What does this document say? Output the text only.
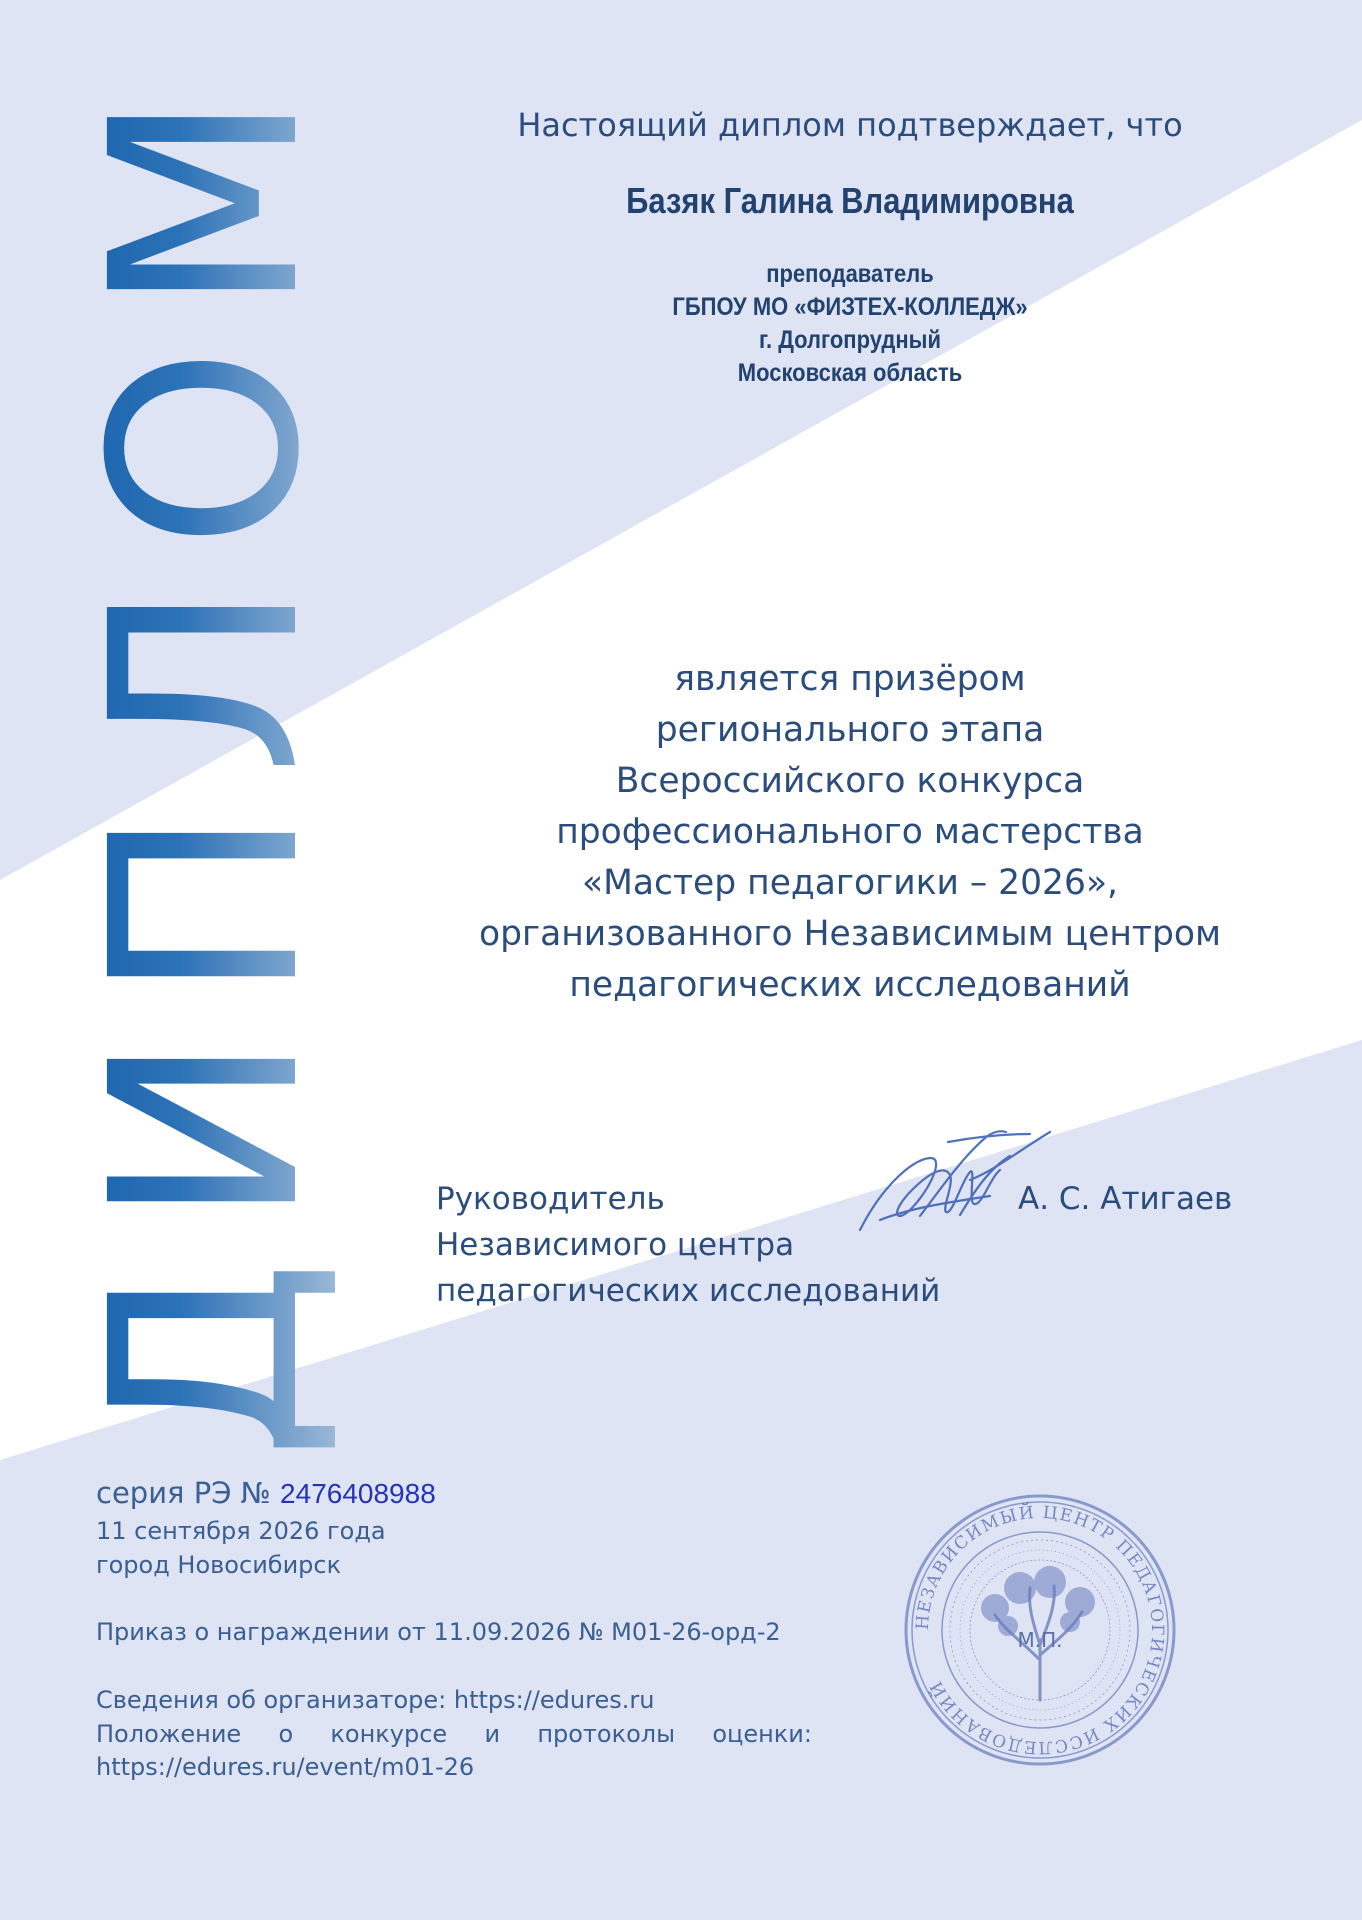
ДИПЛОМ	Настоящий диплом подтверждает, что
Базяк Галина Владимировна
преподаватель
ГБПОУ МО «ФИЗТЕХ-КОЛЛЕДЖ»
г. Долгопрудный
Московская область
является призёром
регионального этапа
Всероссийского конкурса
профессионального мастерства
«Мастер педагогики – 2026»,
организованного Независимым центром
педагогических исследований
Руководитель
Независимого центра
педагогических исследований
А. С. Атигаев
серия РЭ № 2476408988
11 сентября 2026 года
город Новосибирск
Приказ о награждении от 11.09.2026 № М01-26-орд-2
Сведения об организаторе: https://edures.ru
Положение о конкурсе и протоколы оценки:
https://edures.ru/event/m01-26
НЕЗАВИСИМЫЙ ЦЕНТР ПЕДАГОГИЧЕСКИХ ИССЛЕДОВАНИЙ
М.П.
